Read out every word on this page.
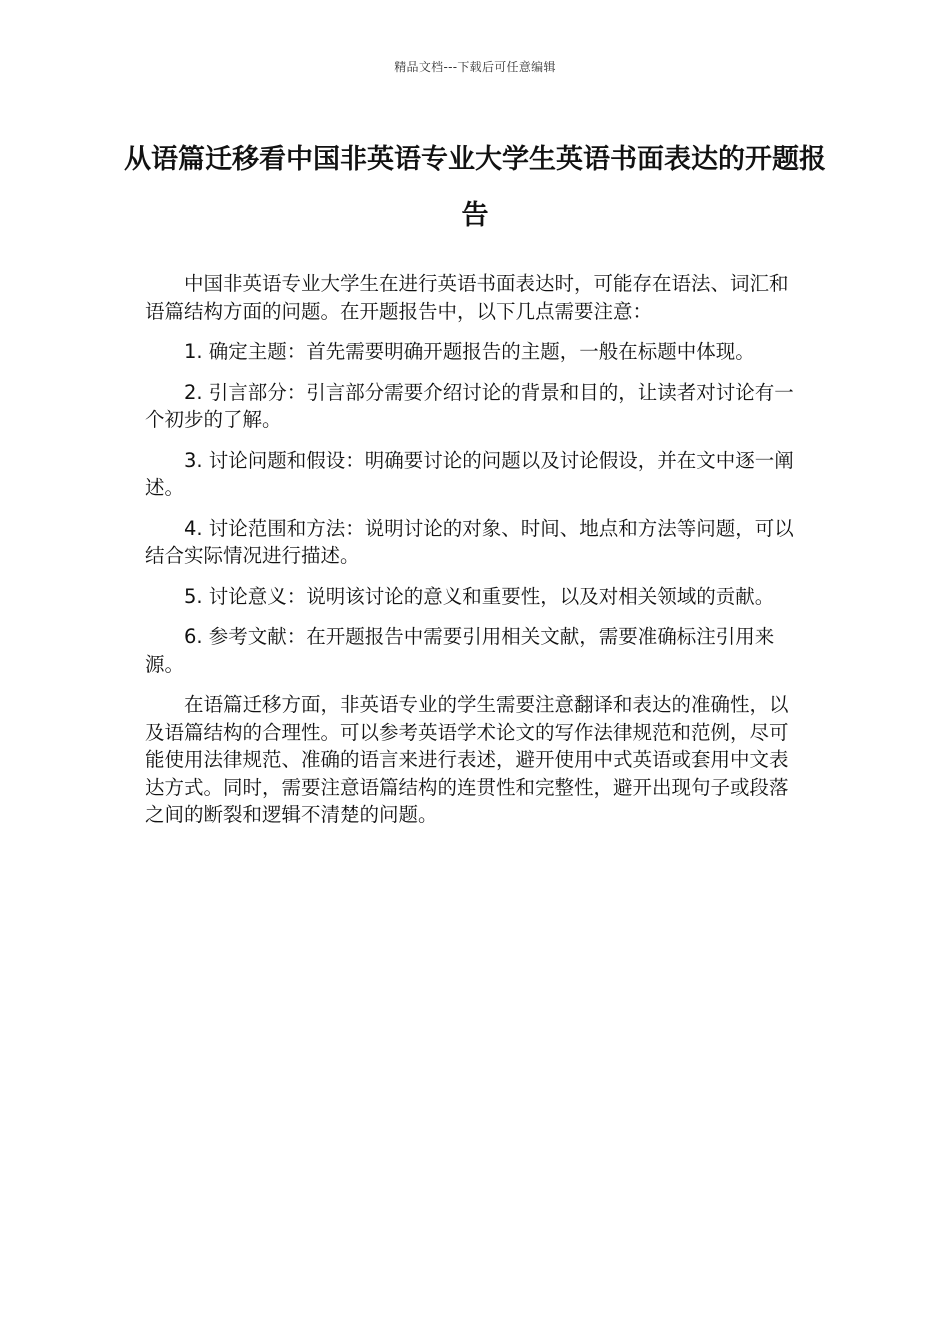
精品文档---下载后可任意编辑
从语篇迁移看中国非英语专业大学生英语书面表达的开题报告

中国非英语专业大学生在进行英语书面表达时，可能存在语法、词汇和语篇结构方面的问题。在开题报告中，以下几点需要注意：

1. 确定主题：首先需要明确开题报告的主题，一般在标题中体现。

2. 引言部分：引言部分需要介绍讨论的背景和目的，让读者对讨论有一个初步的了解。

3. 讨论问题和假设：明确要讨论的问题以及讨论假设，并在文中逐一阐述。

4. 讨论范围和方法：说明讨论的对象、时间、地点和方法等问题，可以结合实际情况进行描述。

5. 讨论意义：说明该讨论的意义和重要性，以及对相关领域的贡献。

6. 参考文献：在开题报告中需要引用相关文献，需要准确标注引用来源。

在语篇迁移方面，非英语专业的学生需要注意翻译和表达的准确性，以及语篇结构的合理性。可以参考英语学术论文的写作法律规范和范例，尽可能使用法律规范、准确的语言来进行表述，避开使用中式英语或套用中文表达方式。同时，需要注意语篇结构的连贯性和完整性，避开出现句子或段落之间的断裂和逻辑不清楚的问题。
